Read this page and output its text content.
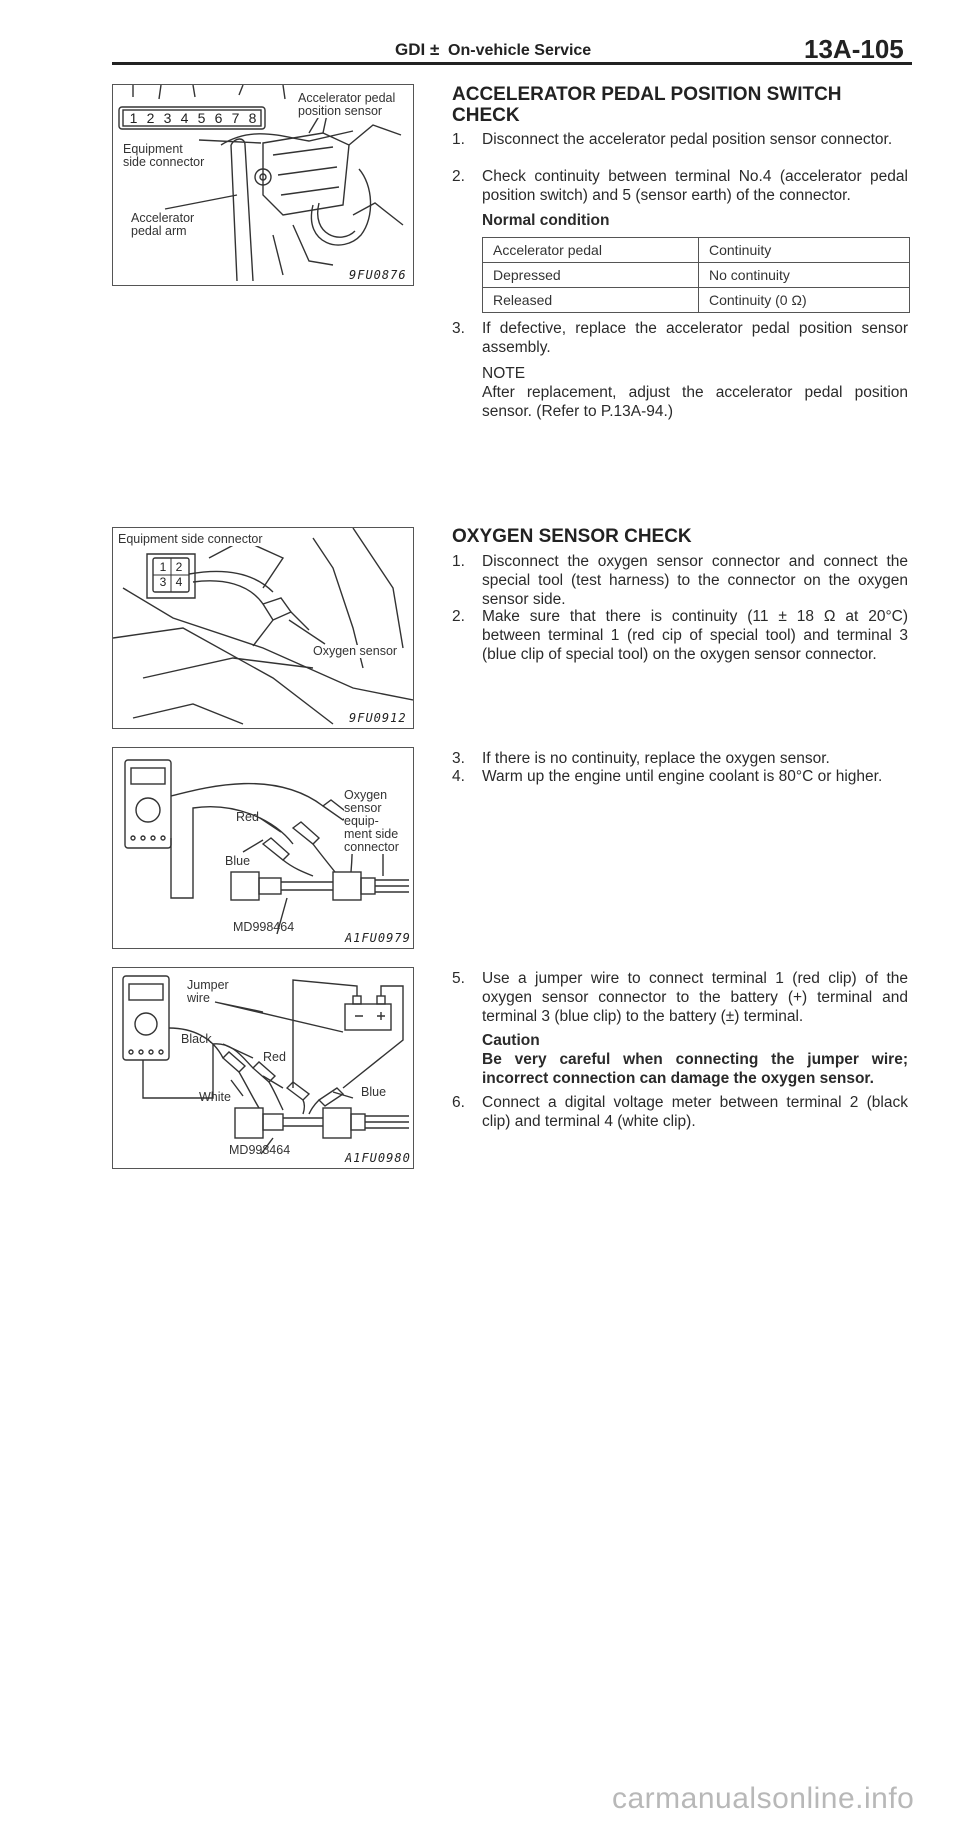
GDI ± On-vehicle Service	13A-105
1 2 3 4 5 6 7 8
Accelerator pedal
position sensor
Equipment
side connector
Accelerator
pedal arm
9FU0876
ACCELERATOR PEDAL POSITION SWITCH
CHECK
1.	Disconnect the accelerator pedal position sensor connector.
2.	Check continuity between terminal No.4 (accelerator pedal position switch) and 5 (sensor earth) of the connector.
Normal condition
Accelerator pedal	Continuity
Depressed	No continuity
Released	Continuity (0 Ω)
3.	If defective, replace the accelerator pedal position sensor assembly.
NOTE
After replacement, adjust the accelerator pedal position sensor. (Refer to P.13A-94.)
1 2
3 4
Equipment side connector
Oxygen sensor
9FU0912
OXYGEN SENSOR CHECK
1.	Disconnect the oxygen sensor connector and connect the special tool (test harness) to the connector on the oxygen sensor side.
2.	Make sure that there is continuity (11 ± 18 Ω at 20°C) between terminal 1 (red cip of special tool) and terminal 3 (blue clip of special tool) on the oxygen sensor connector.
Red
Blue
Oxygen
sensor
equip-
ment side
connector
MD998464
A1FU0979
3.	If there is no continuity, replace the oxygen sensor.
4.	Warm up the engine until engine coolant is 80°C or higher.
Jumper
wire
Black
Red
White	Blue
MD998464
A1FU0980
5.	Use a jumper wire to connect terminal 1 (red clip) of the oxygen sensor connector to the battery (+) terminal and terminal 3 (blue clip) to the battery (±) terminal.
Caution
Be very careful when connecting the jumper wire; incorrect connection can damage the oxygen sensor.
6.	Connect a digital voltage meter between terminal 2 (black clip) and terminal 4 (white clip).
carmanualsonline.info
